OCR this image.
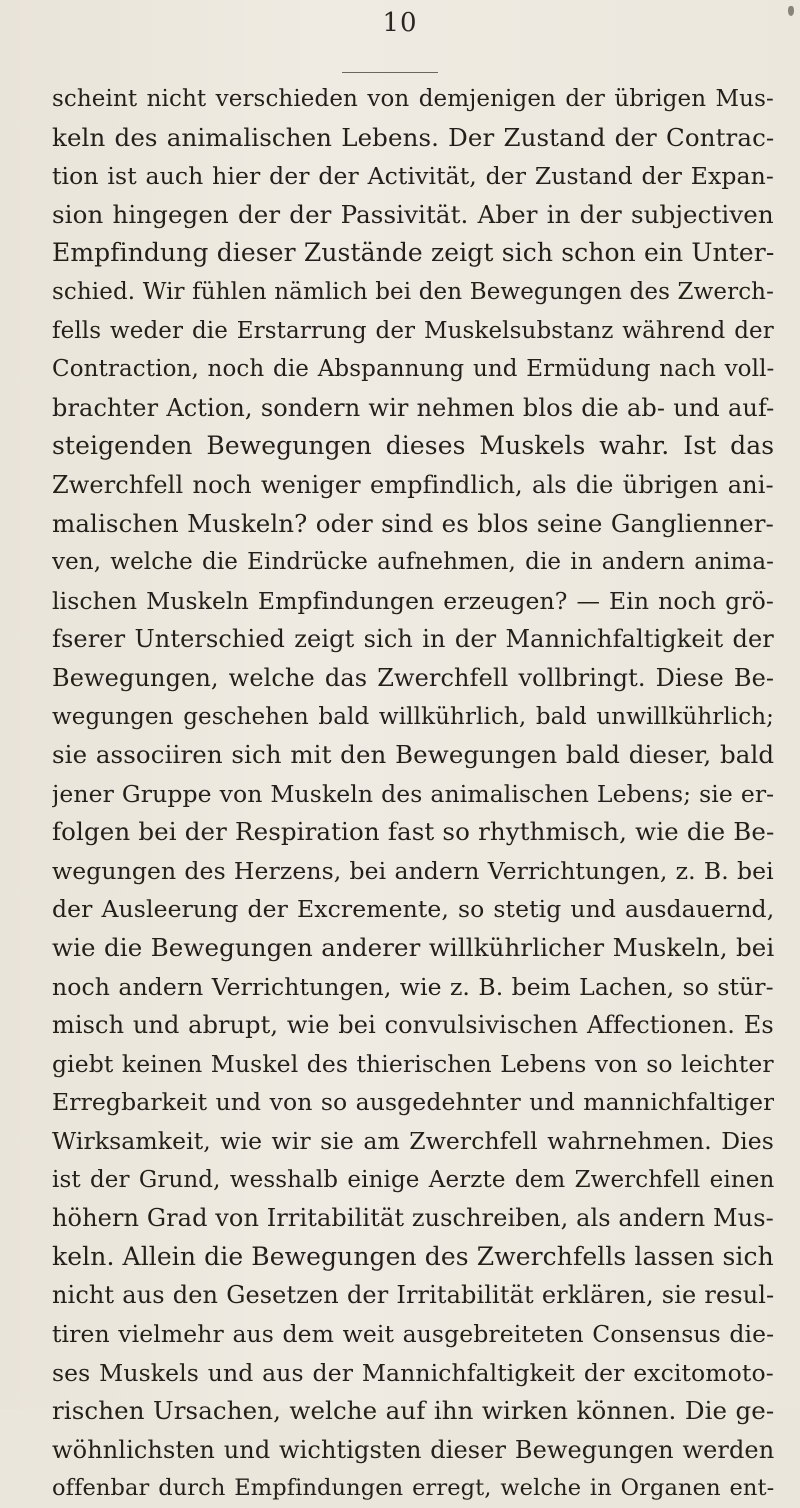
10
scheint nicht verschieden von demjenigen der übrigen Mus-
keln des animalischen Lebens. Der Zustand der Contrac-
tion ist auch hier der der Activität, der Zustand der Expan-
sion hingegen der der Passivität. Aber in der subjectiven
Empfindung dieser Zustände zeigt sich schon ein Unter-
schied. Wir fühlen nämlich bei den Bewegungen des Zwerch-
fells weder die Erstarrung der Muskelsubstanz während der
Contraction, noch die Abspannung und Ermüdung nach voll-
brachter Action, sondern wir nehmen blos die ab- und auf-
steigenden Bewegungen dieses Muskels wahr. Ist das
Zwerchfell noch weniger empfindlich, als die übrigen ani-
malischen Muskeln? oder sind es blos seine Ganglienner-
ven, welche die Eindrücke aufnehmen, die in andern anima-
lischen Muskeln Empfindungen erzeugen? — Ein noch grö-
fserer Unterschied zeigt sich in der Mannichfaltigkeit der
Bewegungen, welche das Zwerchfell vollbringt. Diese Be-
wegungen geschehen bald willkührlich, bald unwillkührlich;
sie associiren sich mit den Bewegungen bald dieser, bald
jener Gruppe von Muskeln des animalischen Lebens; sie er-
folgen bei der Respiration fast so rhythmisch, wie die Be-
wegungen des Herzens, bei andern Verrichtungen, z. B. bei
der Ausleerung der Excremente, so stetig und ausdauernd,
wie die Bewegungen anderer willkührlicher Muskeln, bei
noch andern Verrichtungen, wie z. B. beim Lachen, so stür-
misch und abrupt, wie bei convulsivischen Affectionen. Es
giebt keinen Muskel des thierischen Lebens von so leichter
Erregbarkeit und von so ausgedehnter und mannichfaltiger
Wirksamkeit, wie wir sie am Zwerchfell wahrnehmen. Dies
ist der Grund, wesshalb einige Aerzte dem Zwerchfell einen
höhern Grad von Irritabilität zuschreiben, als andern Mus-
keln. Allein die Bewegungen des Zwerchfells lassen sich
nicht aus den Gesetzen der Irritabilität erklären, sie resul-
tiren vielmehr aus dem weit ausgebreiteten Consensus die-
ses Muskels und aus der Mannichfaltigkeit der excitomoto-
rischen Ursachen, welche auf ihn wirken können. Die ge-
wöhnlichsten und wichtigsten dieser Bewegungen werden
offenbar durch Empfindungen erregt, welche in Organen ent-
